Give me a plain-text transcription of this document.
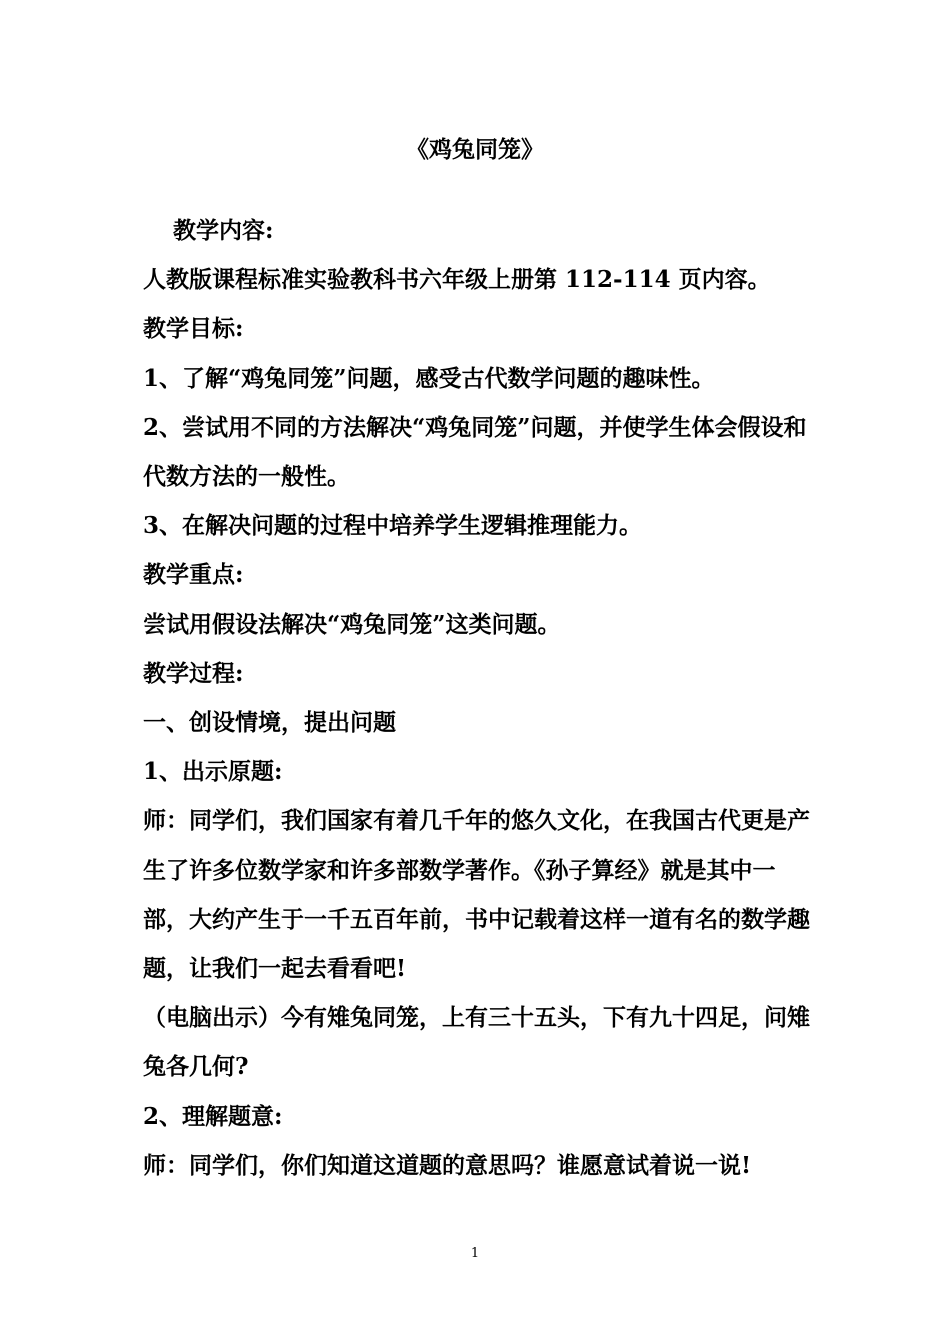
《鸡兔同笼》

教学内容:

人教版课程标准实验教科书六年级上册第 112-114 页内容。

教学目标:

1、了解“鸡兔同笼”问题，感受古代数学问题的趣味性。

2、尝试用不同的方法解决“鸡兔同笼”问题，并使学生体会假设和代数方法的一般性。

3、在解决问题的过程中培养学生逻辑推理能力。

教学重点:

尝试用假设法解决“鸡兔同笼”这类问题。

教学过程:

一、创设情境，提出问题

1、出示原题:

师：同学们，我们国家有着几千年的悠久文化，在我国古代更是产生了许多位数学家和许多部数学著作。《孙子算经》就是其中一部，大约产生于一千五百年前，书中记载着这样一道有名的数学趣题，让我们一起去看看吧!

（电脑出示）今有雉兔同笼，上有三十五头，下有九十四足，问雉兔各几何?

2、理解题意:

师：同学们，你们知道这道题的意思吗？谁愿意试着说一说!

1
